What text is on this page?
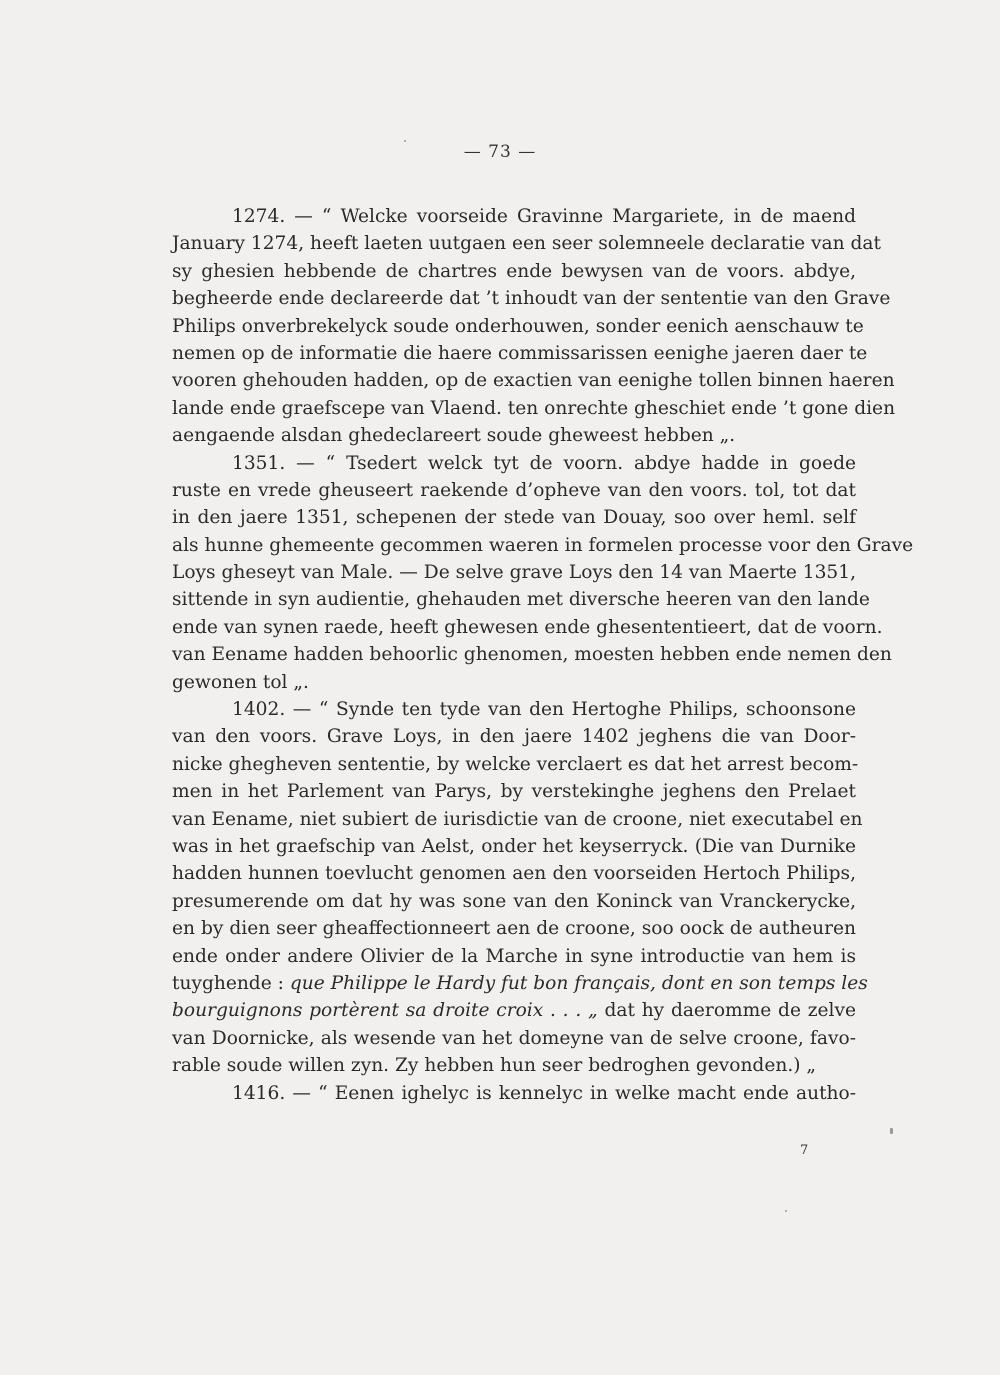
— 73 —
1274. — “ Welcke voorseide Gravinne Margariete, in de maend
January 1274, heeft laeten uutgaen een seer solemneele declaratie van dat
sy ghesien hebbende de chartres ende bewysen van de voors. abdye,
begheerde ende declareerde dat ’t inhoudt van der sententie van den Grave
Philips onverbrekelyck soude onderhouwen, sonder eenich aenschauw te
nemen op de informatie die haere commissarissen eenighe jaeren daer te
vooren ghehouden hadden, op de exactien van eenighe tollen binnen haeren
lande ende graefscepe van Vlaend. ten onrechte gheschiet ende ’t gone dien
aengaende alsdan ghedeclareert soude gheweest hebben „.
1351. — “ Tsedert welck tyt de voorn. abdye hadde in goede
ruste en vrede gheuseert raekende d’opheve van den voors. tol, tot dat
in den jaere 1351, schepenen der stede van Douay, soo over heml. self
als hunne ghemeente gecommen waeren in formelen processe voor den Grave
Loys gheseyt van Male. — De selve grave Loys den 14 van Maerte 1351,
sittende in syn audientie, ghehauden met diversche heeren van den lande
ende van synen raede, heeft ghewesen ende ghesententieert, dat de voorn.
van Eename hadden behoorlic ghenomen, moesten hebben ende nemen den
gewonen tol „.
1402. — “ Synde ten tyde van den Hertoghe Philips, schoonsone
van den voors. Grave Loys, in den jaere 1402 jeghens die van Door-
nicke ghegheven sententie, by welcke verclaert es dat het arrest becom-
men in het Parlement van Parys, by verstekinghe jeghens den Prelaet
van Eename, niet subiert de iurisdictie van de croone, niet executabel en
was in het graefschip van Aelst, onder het keyserryck. (Die van Durnike
hadden hunnen toevlucht genomen aen den voorseiden Hertoch Philips,
presumerende om dat hy was sone van den Koninck van Vranckerycke,
en by dien seer gheaffectionneert aen de croone, soo oock de autheuren
ende onder andere Olivier de la Marche in syne introductie van hem is
tuyghende : que Philippe le Hardy fut bon français, dont en son temps les
bourguignons portèrent sa droite croix . . . „ dat hy daeromme de zelve
van Doornicke, als wesende van het domeyne van de selve croone, favo-
rable soude willen zyn. Zy hebben hun seer bedroghen gevonden.) „
1416. — “ Eenen ighelyc is kennelyc in welke macht ende autho-
7
